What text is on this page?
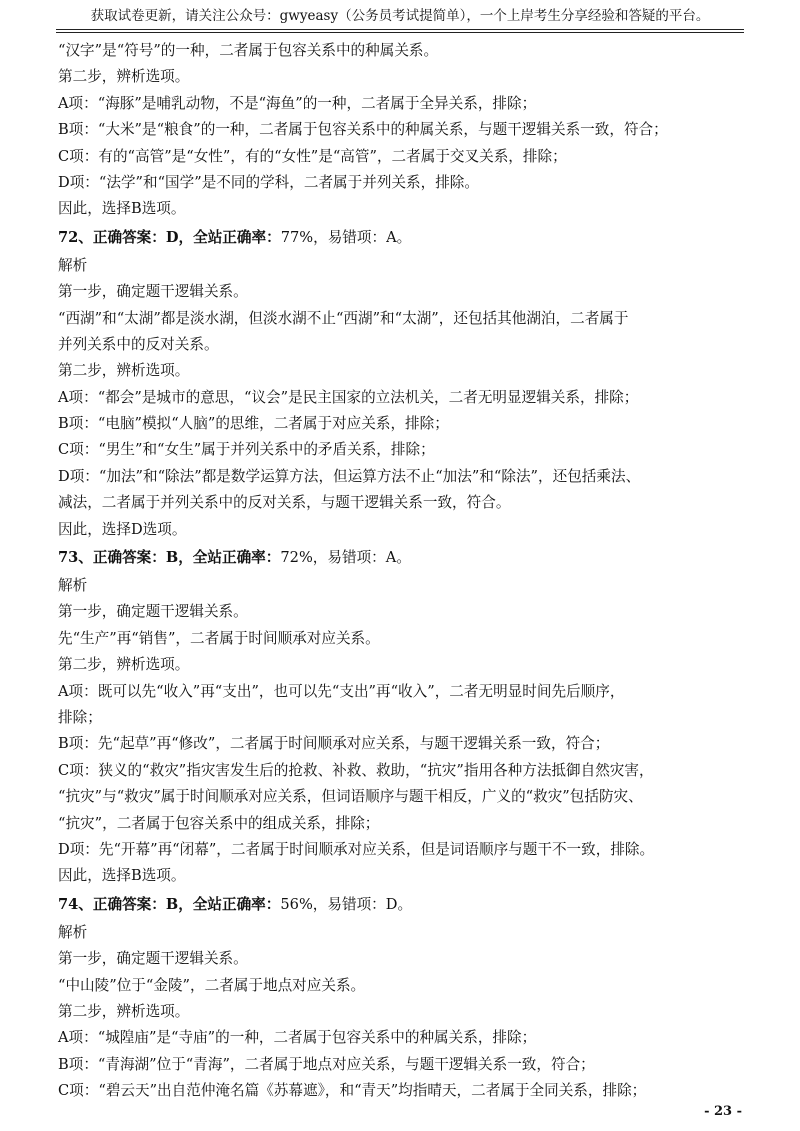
获取试卷更新，请关注公众号：gwyeasy（公务员考试提简单），一个上岸考生分享经验和答疑的平台。
“汉字”是“符号”的一种，二者属于包容关系中的种属关系。
第二步，辨析选项。
A项：“海豚”是哺乳动物，不是“海鱼”的一种，二者属于全异关系，排除；
B项：“大米”是“粮食”的一种，二者属于包容关系中的种属关系，与题干逻辑关系一致，符合；
C项：有的“高管”是“女性”，有的“女性”是“高管”，二者属于交叉关系，排除；
D项：“法学”和“国学”是不同的学科，二者属于并列关系，排除。
因此，选择B选项。
72、正确答案：D，全站正确率：77%，易错项：A。
解析
第一步，确定题干逻辑关系。
“西湖”和“太湖”都是淡水湖，但淡水湖不止“西湖”和“太湖”，还包括其他湖泊，二者属于
并列关系中的反对关系。
第二步，辨析选项。
A项：“都会”是城市的意思，“议会”是民主国家的立法机关，二者无明显逻辑关系，排除；
B项：“电脑”模拟“人脑”的思维，二者属于对应关系，排除；
C项：“男生”和“女生”属于并列关系中的矛盾关系，排除；
D项：“加法”和“除法”都是数学运算方法，但运算方法不止“加法”和“除法”，还包括乘法、
减法，二者属于并列关系中的反对关系，与题干逻辑关系一致，符合。
因此，选择D选项。
73、正确答案：B，全站正确率：72%，易错项：A。
解析
第一步，确定题干逻辑关系。
先“生产”再“销售”，二者属于时间顺承对应关系。
第二步，辨析选项。
A项：既可以先“收入”再“支出”，也可以先“支出”再“收入”，二者无明显时间先后顺序，
排除；
B项：先“起草”再“修改”，二者属于时间顺承对应关系，与题干逻辑关系一致，符合；
C项：狭义的“救灾”指灾害发生后的抢救、补救、救助，“抗灾”指用各种方法抵御自然灾害，
“抗灾”与“救灾”属于时间顺承对应关系，但词语顺序与题干相反，广义的“救灾”包括防灾、
“抗灾”，二者属于包容关系中的组成关系，排除；
D项：先“开幕”再“闭幕”，二者属于时间顺承对应关系，但是词语顺序与题干不一致，排除。
因此，选择B选项。
74、正确答案：B，全站正确率：56%，易错项：D。
解析
第一步，确定题干逻辑关系。
“中山陵”位于“金陵”，二者属于地点对应关系。
第二步，辨析选项。
A项：“城隍庙”是“寺庙”的一种，二者属于包容关系中的种属关系，排除；
B项：“青海湖”位于“青海”，二者属于地点对应关系，与题干逻辑关系一致，符合；
C项：“碧云天”出自范仲淹名篇《苏幕遮》，和“青天”均指晴天，二者属于全同关系，排除；
- 23 -
